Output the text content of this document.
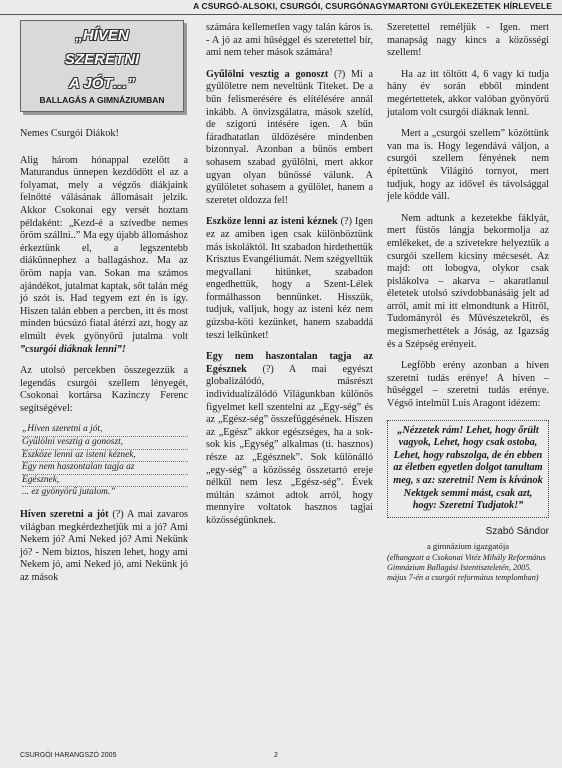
A CSURGÓ-ALSOKI, CSURGÓI, CSURGÓNAGYMARTONI GYÜLEKEZETEK HÍRLEVELE
„HÍVEN
SZERETNI
A JÓT…”
BALLAGÁS A GIMNÁZIUMBAN

Nemes Csurgói Diákok!

Alig három hónappal ezelőtt a Maturandus ünnepen kezdődött el az a folyamat, mely a végzős diákjaink felnőtté válásának állomásait jelzik. Akkor Csokonai egy versét hoztam példaként: „Kezd-é a szívedbe nemes öröm szállni..” Ma egy újabb állomáshoz érkeztünk el, a legszentebb diákünnephez a ballagáshoz. Ma az öröm napja van. Sokan ma számos ajándékot, jutalmat kaptak, sőt talán még jó szót is. Had tegyem ezt én is így. Hiszen talán ebben a percben, itt és most minden búcsúzó fiatal átérzi azt, hogy az elmúlt évek gyönyörű jutalma volt ”csurgói diáknak lenni”!

Az utolsó percekben összegezzük a legendás csurgói szellem lényegét, Csokonai kortársa Kazinczy Ferenc segítségével:

„Híven szeretni a jót,
Gyűlölni vesztig a gonoszt,
Eszköze lenni az isteni kéznek,
Egy nem haszontalan tagja az
Egésznek,
... ez gyönyörű jutalom.”

Híven szeretni a jót (?) A mai zavaros világban megkérdezhetjük mi a jó? Ami Nekem jó? Ami Neked jó? Ami Nekünk jó? - Nem biztos, hiszen lehet, hogy ami Nekem jó, ami Neked jó, ami Nekünk jó az mások

számára kellemetlen vagy talán káros is. - A jó az ami hűséggel és szeretettel bír, ami nem teher mások számára!

Gyűlölni vesztig a gonoszt (?) Mi a gyűlöletre nem neveltünk Titeket. De a bűn felismerésére és elítélésére annál inkább. A önvizsgálatra, mások szelíd, de szigorú intésére igen. A bűn fáradhatatlan üldözésére mindenben bizonnyal. Azonban a bűnös embert sohasem szabad gyűlölni, mert akkor ugyan olyan bűnössé válunk. A gyűlöletet sohasem a gyűlölet, hanem a szeretet oldozza fel!

Eszköze lenni az isteni kéznek (?) Igen ez az amiben igen csak különböztünk más iskoláktól. Itt szabadon hirdethettük Krisztus Evangéliumát. Nem szégyelltük megvallani hitünket, szabadon engedhettük, hogy a Szent-Lélek formálhasson bennünket. Hisszük, tudjuk, valljuk, hogy az isteni kéz nem gúzsba-köti kezünket, hanem szabaddá teszi lelkünket!

Egy nem haszontalan tagja az Egésznek (?) A mai egyészt globalizálódó, másrészt individualizálódó Világunkban különös figyelmet kell szentelni az „Egy-ség” és az „Egész-ség” összefüggésének. Hiszen az „Egész” akkor egészséges, ha a sok-sok kis „Egység” alkalmas (ti. hasznos) része az „Egésznek”. Sok különálló „egy-ség” a közösség összetartó ereje nélkül nem lesz „Egész-ség”. Évek múltán számot adtok arról, hogy mennyire voltatok hasznos tagjai közösségünknek.

Szeretettel reméljük - Igen. mert manapság nagy kincs a közösségi szellem!

Ha az itt töltött 4, 6 vagy ki tudja hány év során ebből mindent megértettetek, akkor valóban gyönyörű jutalom volt csurgói diáknak lenni.

Mert a „csurgói szellem” közöttünk van ma is. Hogy legendává váljon, a csurgói szellem fényének nem építettünk Világító tornyot, mert tudjuk, hogy az idővel és távolsággal jele ködde váll.

Nem adtunk a kezetekbe fáklyát, mert füstös lángja bekormolja az emlékeket, de a szívetekre helyeztük a csurgói szellem kicsiny mécsesét. Az majd: ott lobogva, olykor csak pislákolva – akarva – akaratlanul életetek utolsó szívdobbanásáig jelt ad arról, amit mi itt elmondtunk a Hitről, Tudományról és Művészetekről, és megismerhettétek a Jóság, az Igazság és a Szépség erényeit.

Legfőbb erény azonban a híven szeretni tudás erénye! A híven – hűséggel – szeretni tudás erénye. Végső intelmül Luis Aragont idézem:

„Nézzetek rám! Lehet, hogy őrült vagyok, Lehet, hogy csak ostoba, Lehet, hogy rabszolga, de én ebben az életben egyetlen dolgot tanultam meg, s az: szeretni! Nem is kívánok Nektgek semmi mást, csak azt, hogy: Szeretni Tudjatok!”
Szabó Sándor
a gimnázium igazgatója
(elhangzott a Csokonai Vitéz Mihály Református Gimnázium Ballagási Istentiszteletén, 2005. május 7-én a csurgói református templomban)
CSURGÓI HARANGSZÓ 2005	2
